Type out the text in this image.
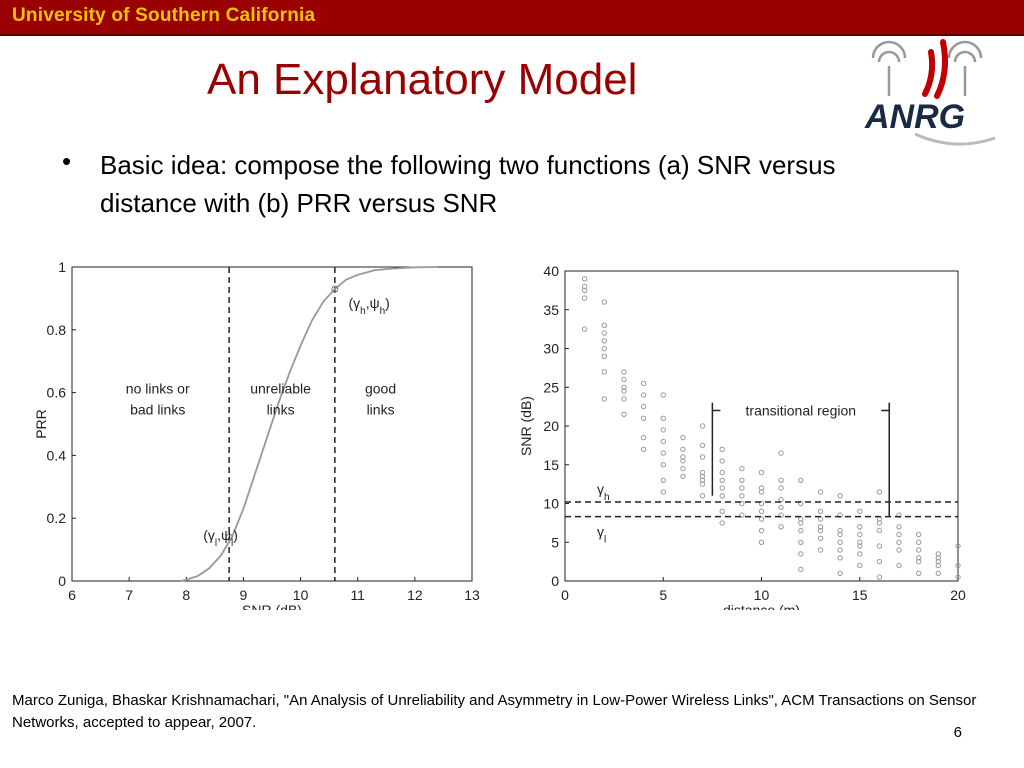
University of Southern California
An Explanatory Model
ANRG
• Basic idea: compose the following two functions (a) SNR versus distance with (b) PRR versus SNR
6	7	8	9	10	11	12	13
0
0.2
0.4
0.6
0.8
1
SNR (dB)
PRR
no links or
bad links
unreliable
links
good
links
$(\gamma_l,\psi_l)$
$(\gamma_h,\psi_h)$
0	5	10	15	20
0
5
10
15
20
25
30
35
40
distance (m)
SNR (dB)
$\gamma_h$
$\gamma_l$
transitional region
Marco Zuniga, Bhaskar Krishnamachari, "An Analysis of Unreliability and Asymmetry in Low-Power Wireless Links", ACM Transactions on Sensor Networks, accepted to appear, 2007.
6
